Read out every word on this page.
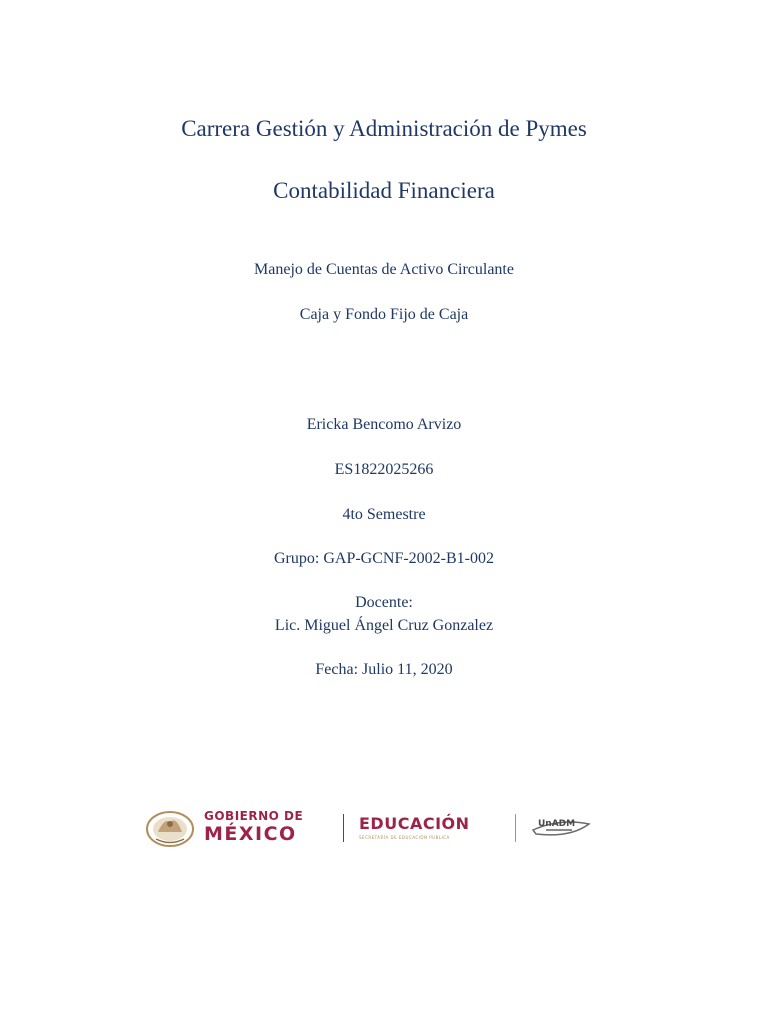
Carrera Gestión y Administración de Pymes
Contabilidad Financiera
Manejo de Cuentas de Activo Circulante
Caja y Fondo Fijo de Caja
Ericka Bencomo Arvizo
ES1822025266
4to Semestre
Grupo: GAP-GCNF-2002-B1-002
Docente:
Lic. Miguel Ángel Cruz Gonzalez
Fecha: Julio 11, 2020
GOBIERNO DE
MÉXICO	EDUCACIÓN
SECRETARÍA DE EDUCACIÓN PÚBLICA
UnADM
